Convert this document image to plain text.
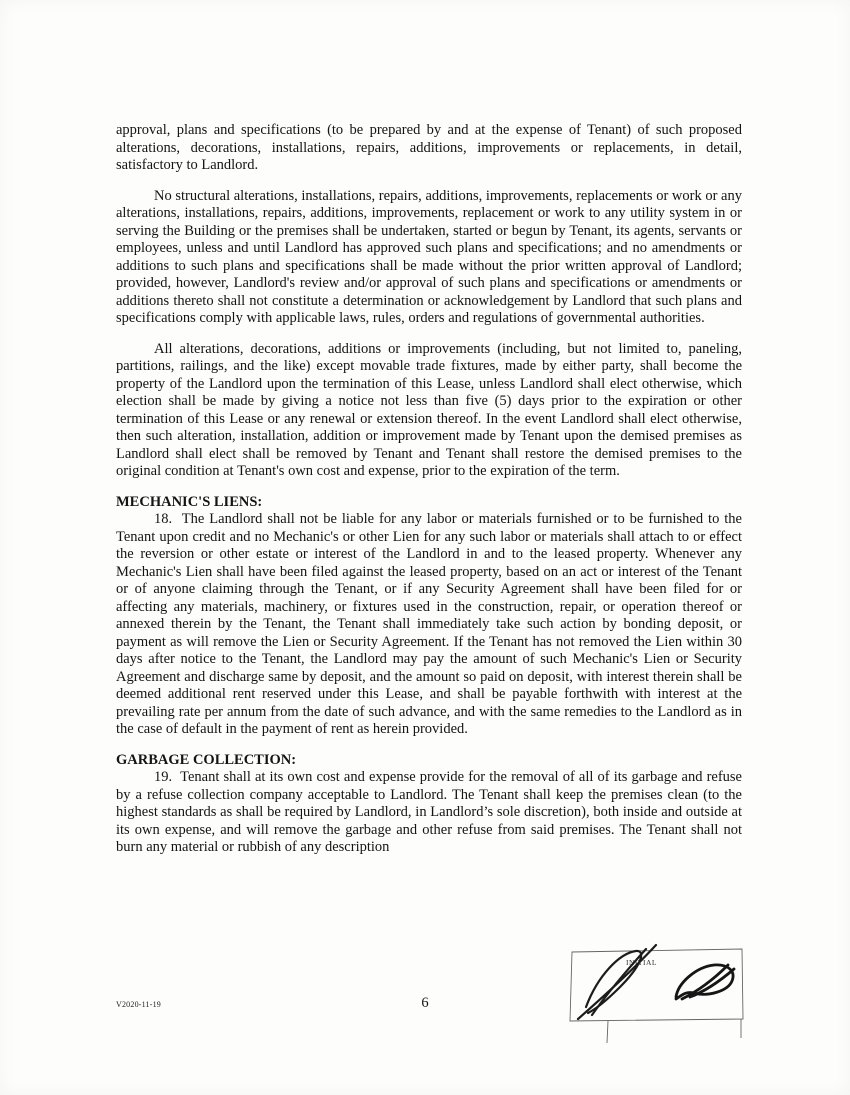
approval, plans and specifications (to be prepared by and at the expense of Tenant) of such proposed alterations, decorations, installations, repairs, additions, improvements or replacements, in detail, satisfactory to Landlord.

No structural alterations, installations, repairs, additions, improvements, replacements or work or any alterations, installations, repairs, additions, improvements, replacement or work to any utility system in or serving the Building or the premises shall be undertaken, started or begun by Tenant, its agents, servants or employees, unless and until Landlord has approved such plans and specifications; and no amendments or additions to such plans and specifications shall be made without the prior written approval of Landlord; provided, however, Landlord's review and/or approval of such plans and specifications or amendments or additions thereto shall not constitute a determination or acknowledgement by Landlord that such plans and specifications comply with applicable laws, rules, orders and regulations of governmental authorities.

All alterations, decorations, additions or improvements (including, but not limited to, paneling, partitions, railings, and the like) except movable trade fixtures, made by either party, shall become the property of the Landlord upon the termination of this Lease, unless Landlord shall elect otherwise, which election shall be made by giving a notice not less than five (5) days prior to the expiration or other termination of this Lease or any renewal or extension thereof. In the event Landlord shall elect otherwise, then such alteration, installation, addition or improvement made by Tenant upon the demised premises as Landlord shall elect shall be removed by Tenant and Tenant shall restore the demised premises to the original condition at Tenant's own cost and expense, prior to the expiration of the term.

MECHANIC'S LIENS:

18.  The Landlord shall not be liable for any labor or materials furnished or to be furnished to the Tenant upon credit and no Mechanic's or other Lien for any such labor or materials shall attach to or effect the reversion or other estate or interest of the Landlord in and to the leased property. Whenever any Mechanic's Lien shall have been filed against the leased property, based on an act or interest of the Tenant or of anyone claiming through the Tenant, or if any Security Agreement shall have been filed for or affecting any materials, machinery, or fixtures used in the construction, repair, or operation thereof or annexed therein by the Tenant, the Tenant shall immediately take such action by bonding deposit, or payment as will remove the Lien or Security Agreement. If the Tenant has not removed the Lien within 30 days after notice to the Tenant, the Landlord may pay the amount of such Mechanic's Lien or Security Agreement and discharge same by deposit, and the amount so paid on deposit, with interest therein shall be deemed additional rent reserved under this Lease, and shall be payable forthwith with interest at the prevailing rate per annum from the date of such advance, and with the same remedies to the Landlord as in the case of default in the payment of rent as herein provided.

GARBAGE COLLECTION:

19.  Tenant shall at its own cost and expense provide for the removal of all of its garbage and refuse by a refuse collection company acceptable to Landlord. The Tenant shall keep the premises clean (to the highest standards as shall be required by Landlord, in Landlord’s sole discretion), both inside and outside at its own expense, and will remove the garbage and other refuse from said premises. The Tenant shall not burn any material or rubbish of any description

V2020-11-19	6
INITIAL
